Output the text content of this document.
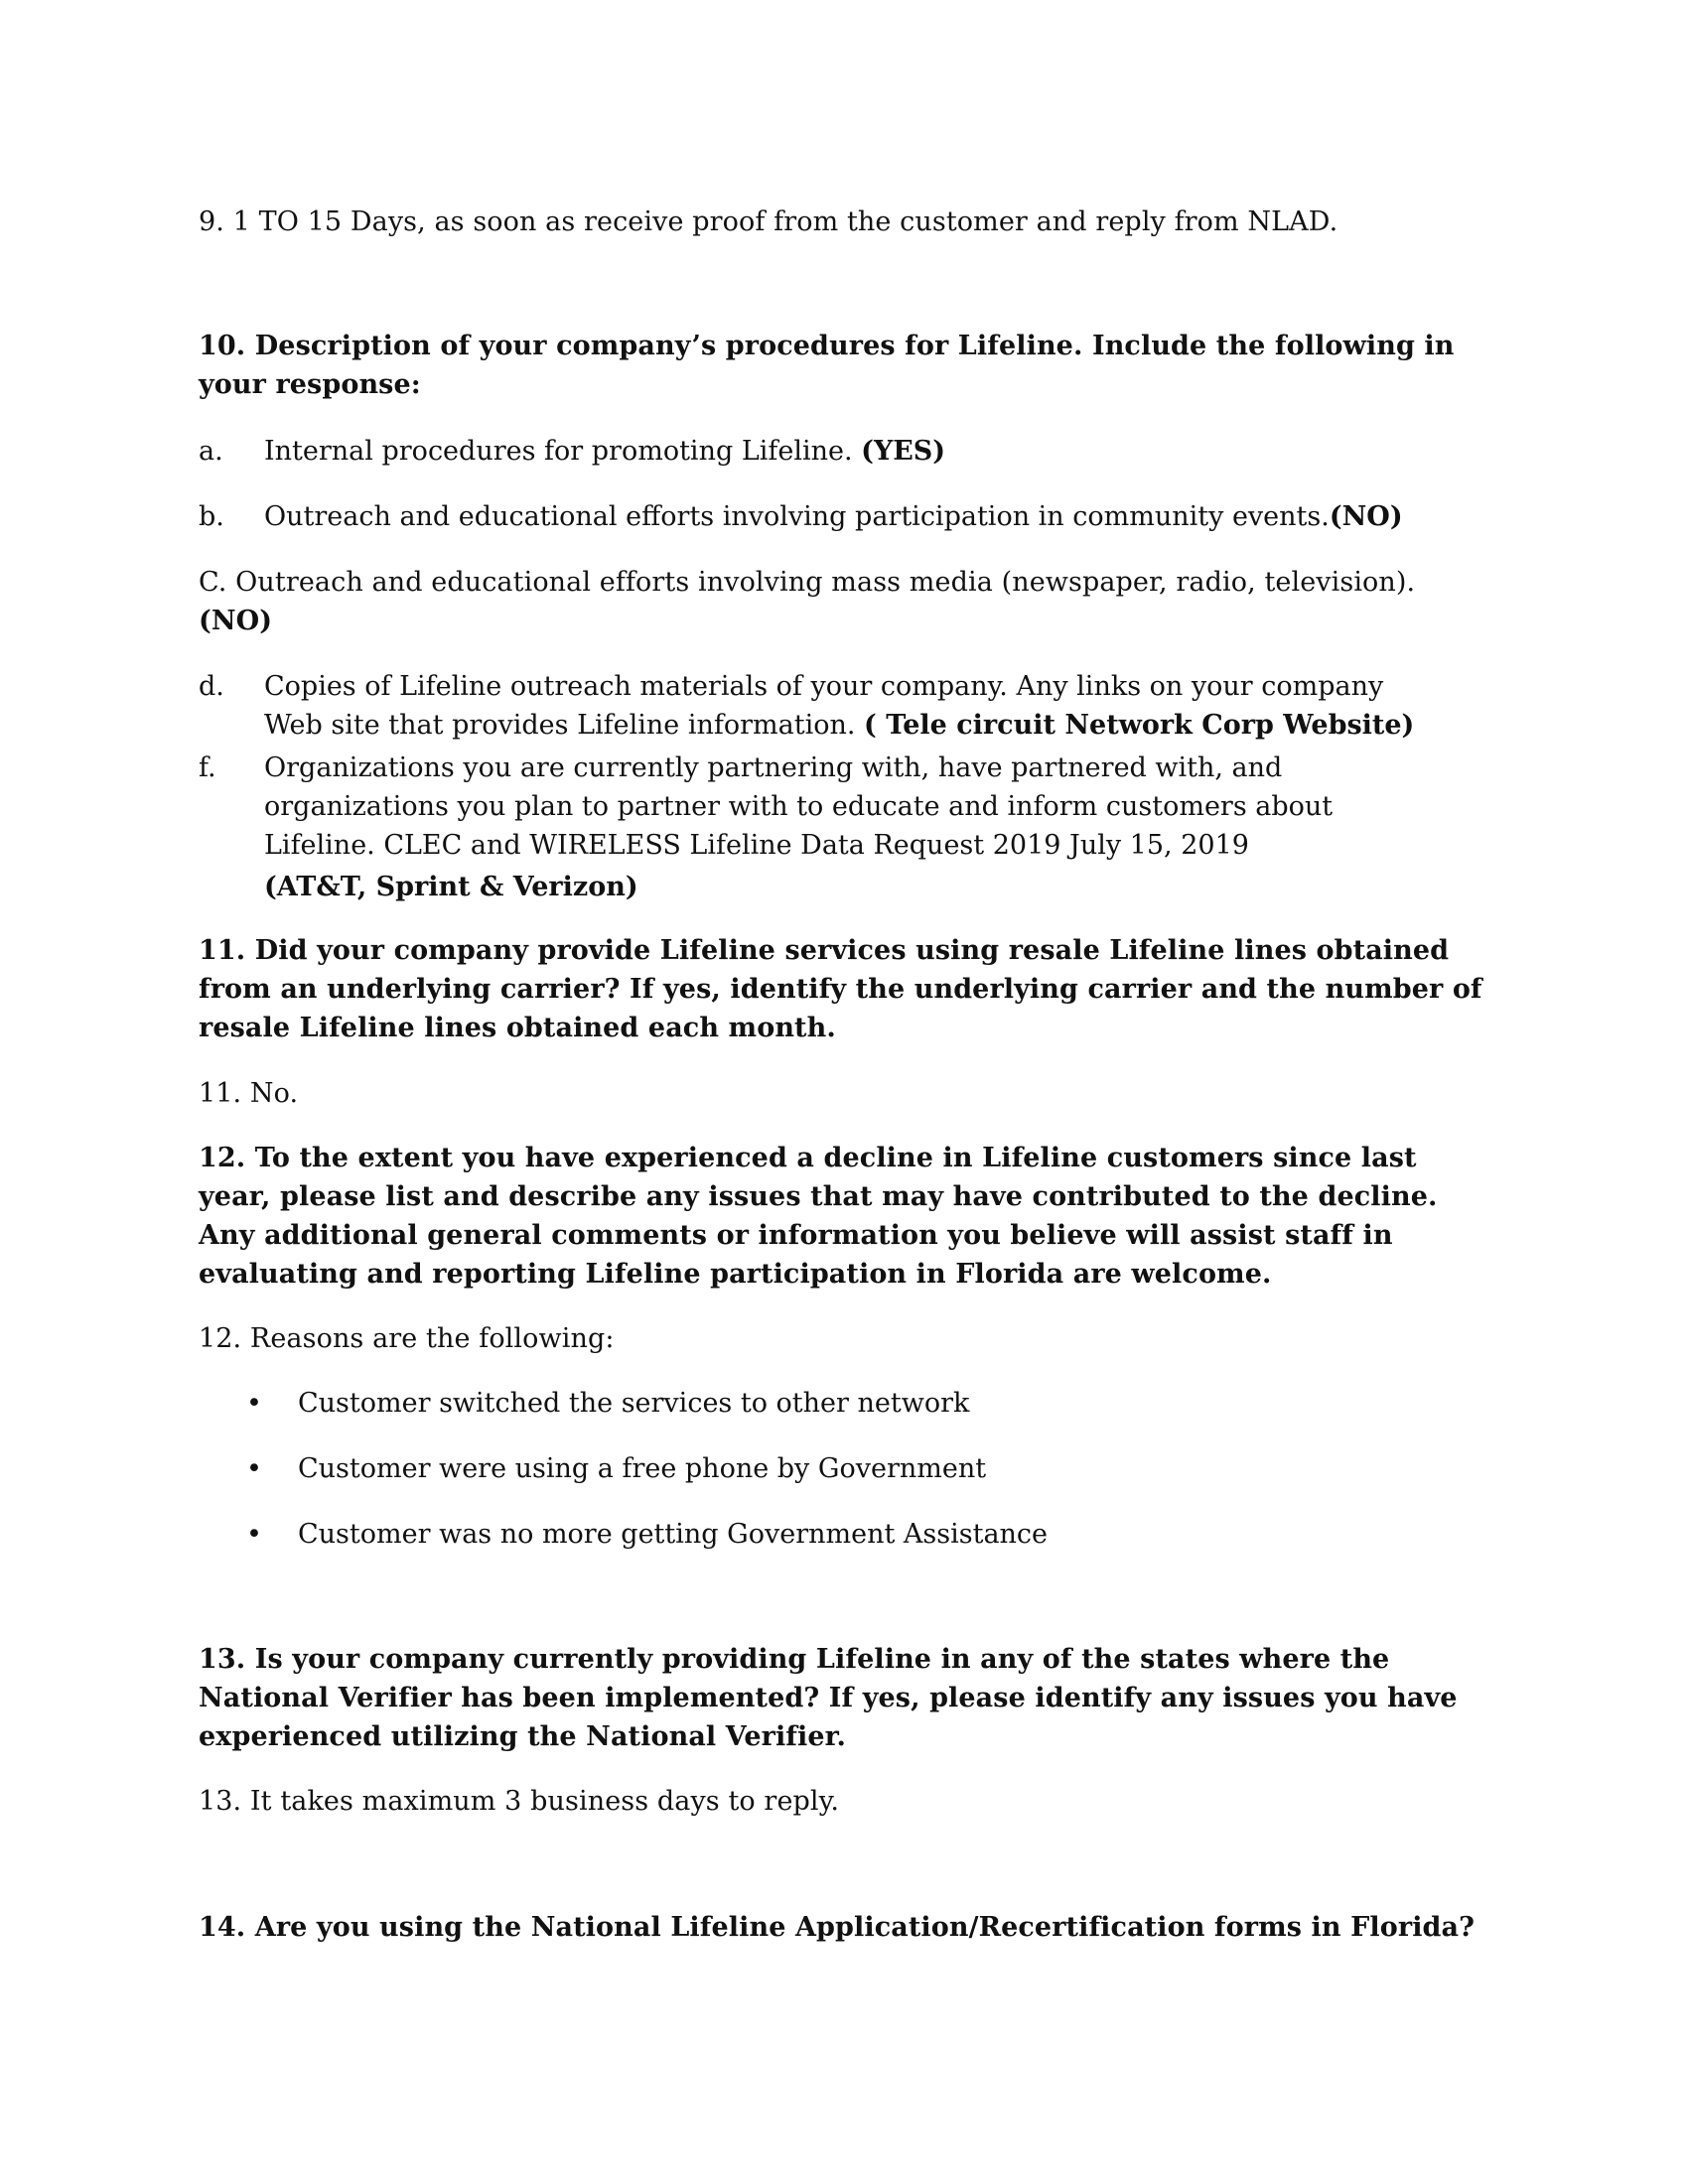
9. 1 TO 15 Days, as soon as receive proof from the customer and reply from NLAD.

10. Description of your company’s procedures for Lifeline. Include the following in
your response:

a. Internal procedures for promoting Lifeline. (YES)
b. Outreach and educational efforts involving participation in community events.(NO)

C. Outreach and educational efforts involving mass media (newspaper, radio, television).
(NO)

d. Copies of Lifeline outreach materials of your company. Any links on your company
Web site that provides Lifeline information. ( Tele circuit Network Corp Website)
f. Organizations you are currently partnering with, have partnered with, and
organizations you plan to partner with to educate and inform customers about
Lifeline. CLEC and WIRELESS Lifeline Data Request 2019 July 15, 2019
(AT&T, Sprint & Verizon)

11. Did your company provide Lifeline services using resale Lifeline lines obtained
from an underlying carrier? If yes, identify the underlying carrier and the number of
resale Lifeline lines obtained each month.

11. No.

12. To the extent you have experienced a decline in Lifeline customers since last
year, please list and describe any issues that may have contributed to the decline.
Any additional general comments or information you believe will assist staff in
evaluating and reporting Lifeline participation in Florida are welcome.

12. Reasons are the following:

• Customer switched the services to other network
• Customer were using a free phone by Government
• Customer was no more getting Government Assistance

13. Is your company currently providing Lifeline in any of the states where the
National Verifier has been implemented? If yes, please identify any issues you have
experienced utilizing the National Verifier.

13. It takes maximum 3 business days to reply.

14. Are you using the National Lifeline Application/Recertification forms in Florida?
